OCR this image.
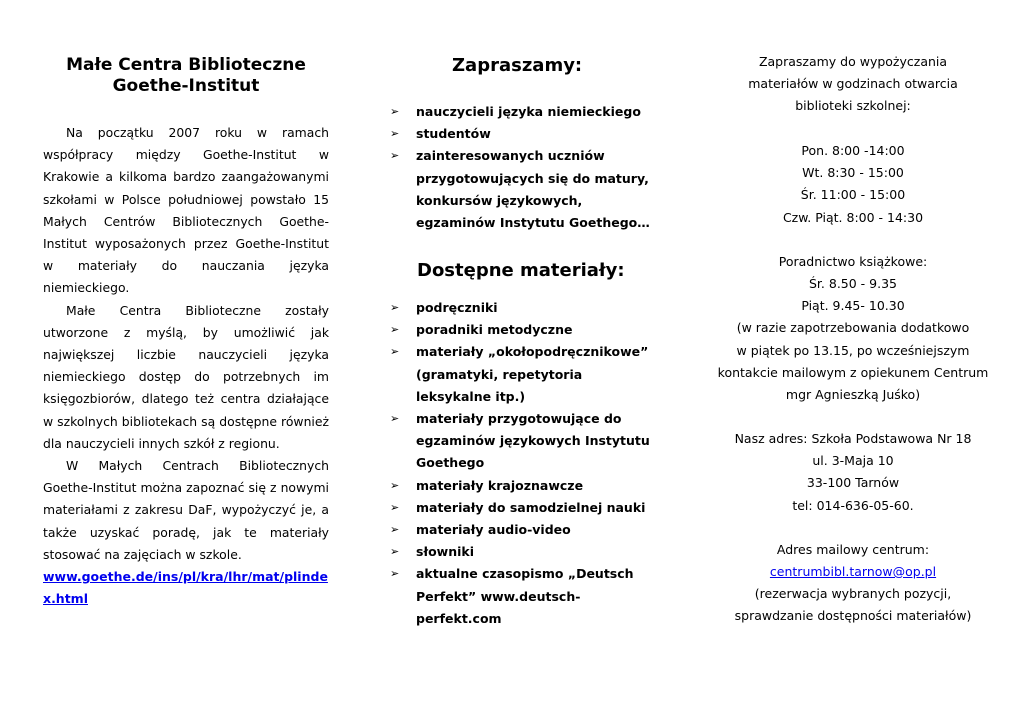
Małe Centra Biblioteczne
Goethe-Institut

Na początku 2007 roku w ramach współpracy między Goethe-Institut w Krakowie a kilkoma bardzo zaangażowanymi szkołami w Polsce południowej powstało 15 Małych Centrów Bibliotecznych Goethe-Institut wyposażonych przez Goethe-Institut w materiały do nauczania języka niemieckiego.

Małe Centra Biblioteczne zostały utworzone z myślą, by umożliwić jak największej liczbie nauczycieli języka niemieckiego dostęp do potrzebnych im księgozbiorów, dlatego też centra działające w szkolnych bibliotekach są dostępne również dla nauczycieli innych szkół z regionu.

W Małych Centrach Bibliotecznych Goethe-Institut można zapoznać się z nowymi materiałami z zakresu DaF, wypożyczyć je, a także uzyskać poradę, jak te materiały stosować na zajęciach w szkole.

www.goethe.de/ins/pl/kra/lhr/mat/plindex.html
Zapraszamy:
➢ nauczycieli języka niemieckiego
➢ studentów
➢ zainteresowanych uczniów przygotowujących się do matury, konkursów językowych, egzaminów Instytutu Goethego…
Dostępne materiały:
➢ podręczniki
➢ poradniki metodyczne
➢ materiały „okołopodręcznikowe” (gramatyki, repetytoria leksykalne itp.)
➢ materiały przygotowujące do egzaminów językowych Instytutu Goethego
➢ materiały krajoznawcze
➢ materiały do samodzielnej nauki
➢ materiały audio-video
➢ słowniki
➢ aktualne czasopismo „Deutsch Perfekt” www.deutsch-perfekt.com
Zapraszamy do wypożyczania
materiałów w godzinach otwarcia
biblioteki szkolnej:
Pon. 8:00 -14:00
Wt. 8:30 - 15:00
Śr. 11:00 - 15:00
Czw. Piąt. 8:00 - 14:30
Poradnictwo książkowe:
Śr. 8.50 - 9.35
Piąt. 9.45- 10.30
(w razie zapotrzebowania dodatkowo
w piątek po 13.15, po wcześniejszym
kontakcie mailowym z opiekunem Centrum
mgr Agnieszką Juśko)
Nasz adres: Szkoła Podstawowa Nr 18
ul. 3-Maja 10
33-100 Tarnów
tel: 014-636-05-60.
Adres mailowy centrum:
centrumbibl.tarnow@op.pl
(rezerwacja wybranych pozycji,
sprawdzanie dostępności materiałów)
